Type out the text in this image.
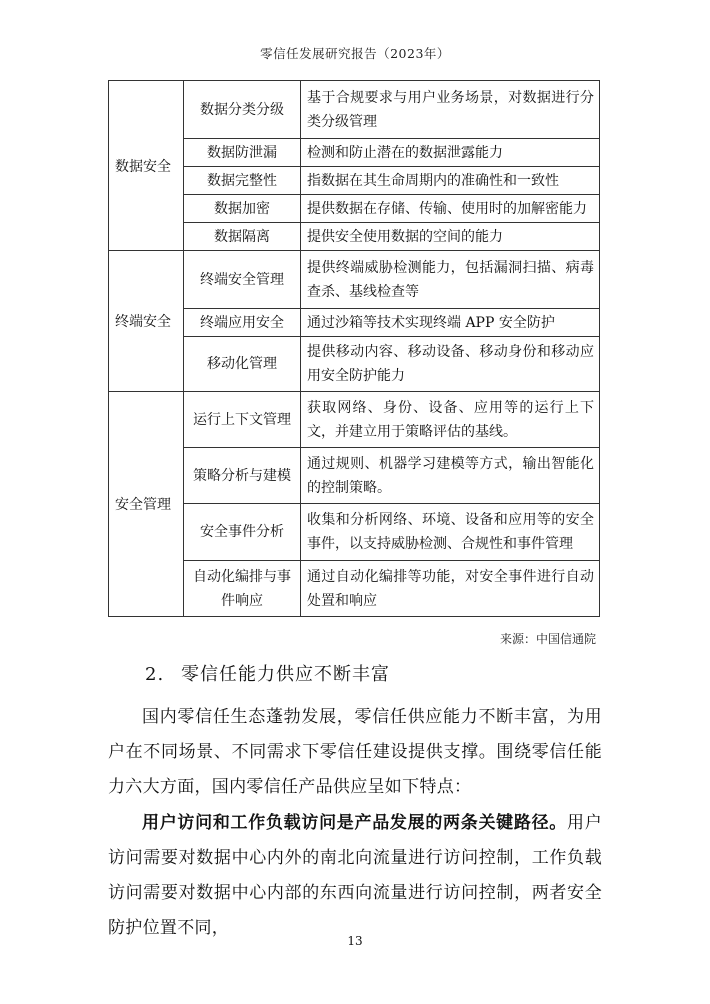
零信任发展研究报告（2023年）
数据安全	数据分类分级	基于合规要求与用户业务场景，对数据进行分类分级管理
	数据防泄漏	检测和防止潜在的数据泄露能力
	数据完整性	指数据在其生命周期内的准确性和一致性
	数据加密	提供数据在存储、传输、使用时的加解密能力
	数据隔离	提供安全使用数据的空间的能力
终端安全	终端安全管理	提供终端威胁检测能力，包括漏洞扫描、病毒查杀、基线检查等
	终端应用安全	通过沙箱等技术实现终端 APP 安全防护
	移动化管理	提供移动内容、移动设备、移动身份和移动应用安全防护能力
安全管理	运行上下文管理	获取网络、身份、设备、应用等的运行上下文，并建立用于策略评估的基线。
	策略分析与建模	通过规则、机器学习建模等方式，输出智能化的控制策略。
	安全事件分析	收集和分析网络、环境、设备和应用等的安全事件，以支持威胁检测、合规性和事件管理
	自动化编排与事件响应	通过自动化编排等功能，对安全事件进行自动处置和响应
来源：中国信通院
2. 零信任能力供应不断丰富
国内零信任生态蓬勃发展，零信任供应能力不断丰富，为用户在不同场景、不同需求下零信任建设提供支撑。围绕零信任能力六大方面，国内零信任产品供应呈如下特点：
用户访问和工作负载访问是产品发展的两条关键路径。用户访问需要对数据中心内外的南北向流量进行访问控制，工作负载访问需要对数据中心内部的东西向流量进行访问控制，两者安全防护位置不同，
13
